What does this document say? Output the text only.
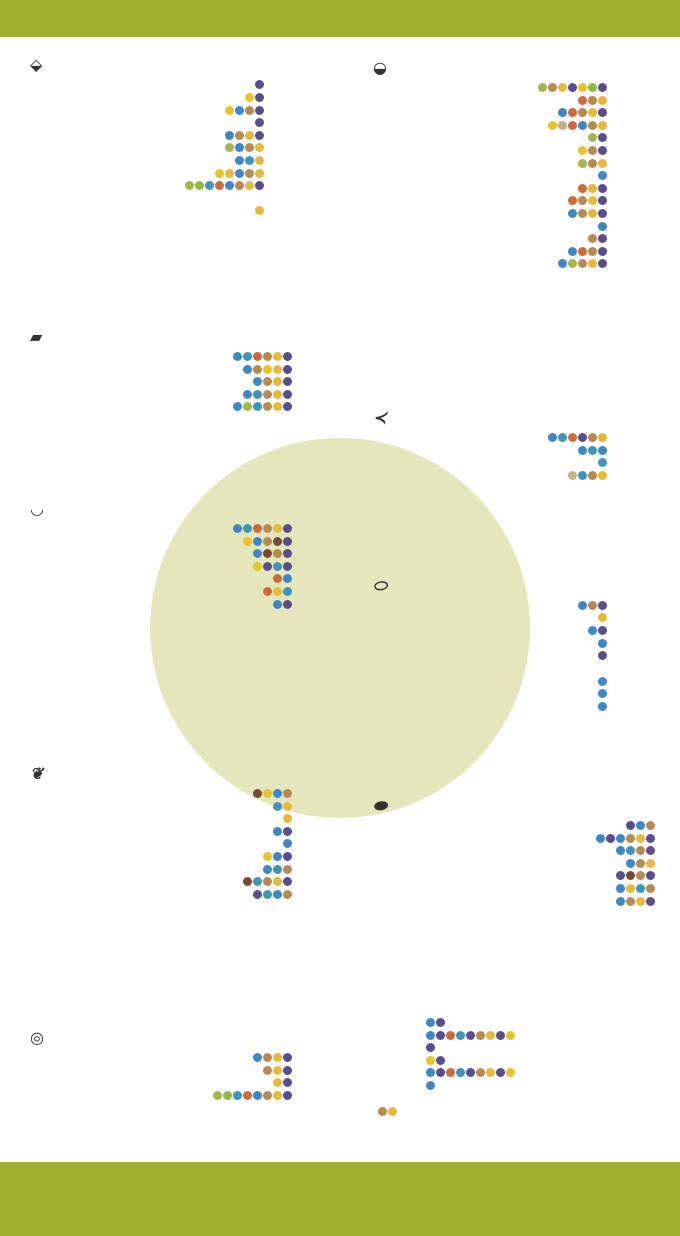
⬙
▰
◡
❦
◎
◒
≺
⬭
⬬
